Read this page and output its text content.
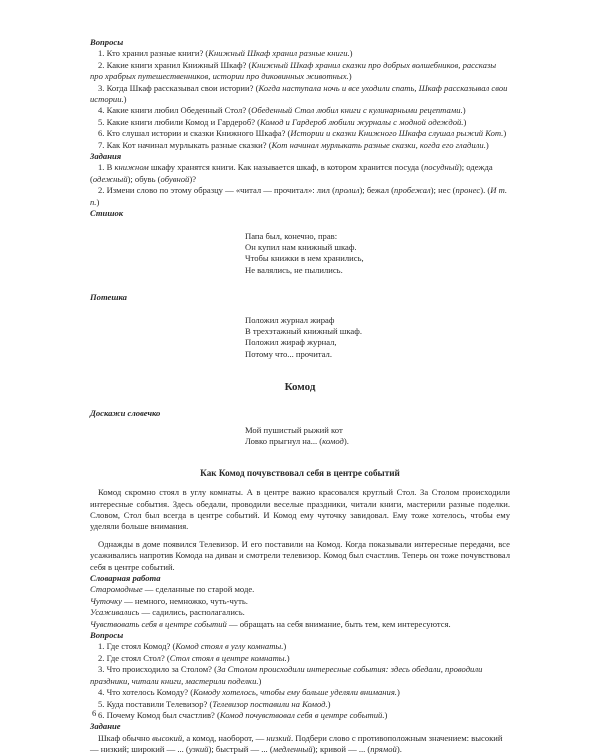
Вопросы
1. Кто хранил разные книги? (Книжный Шкаф хранил разные книги.)
2. Какие книги хранил Книжный Шкаф? (Книжный Шкаф хранил сказки про добрых волшебников, рассказы про храбрых путешественников, истории про диковинных животных.)
3. Когда Шкаф рассказывал свои истории? (Когда наступала ночь и все уходили спать, Шкаф рассказывал свои истории.)
4. Какие книги любил Обеденный Стол? (Обеденный Стол любил книги с кулинарными рецептами.)
5. Какие книги любили Комод и Гардероб? (Комод и Гардероб любили журналы с модной одеждой.)
6. Кто слушал истории и сказки Книжного Шкафа? (Истории и сказки Книжного Шкафа слушал рыжий Кот.)
7. Как Кот начинал мурлыкать разные сказки? (Кот начинал мурлыкать разные сказки, когда его гладили.)
Задания
1. В книжном шкафу хранятся книги. Как называется шкаф, в котором хранится посуда (посудный); одежда (одежный); обувь (обувной)?
2. Измени слово по этому образцу — «читал — прочитал»: лил (пролил); бежал (пробежал); нес (пронес). (И т. п.)
Стишок
Папа был, конечно, прав:
Он купил нам книжный шкаф.
Чтобы книжки в нем хранились,
Не валялись, не пылились.
Потешка
Положил журнал жираф
В трехэтажный книжный шкаф.
Положил жираф журнал,
Потому что... прочитал.
Комод
Доскажи словечко
Мой пушистый рыжий кот
Ловко прыгнул на... (комод).
Как Комод почувствовал себя в центре событий
Комод скромно стоял в углу комнаты. А в центре важно красовался круглый Стол. За Столом происходили интересные события. Здесь обедали, проводили веселые праздники, читали книги, мастерили разные поделки. Словом, Стол был всегда в центре событий. И Комод ему чуточку завидовал. Ему тоже хотелось, чтобы ему уделяли больше внимания.
Однажды в доме появился Телевизор. И его поставили на Комод. Когда показывали интересные передачи, все усаживались напротив Комода на диван и смотрели телевизор. Комод был счастлив. Теперь он тоже почувствовал себя в центре событий.
Словарная работа
Старомодные — сделанные по старой моде.
Чуточку — немного, немножко, чуть-чуть.
Усаживались — садились, располагались.
Чувствовать себя в центре событий — обращать на себя внимание, быть тем, кем интересуются.
Вопросы
1. Где стоял Комод? (Комод стоял в углу комнаты.)
2. Где стоял Стол? (Стол стоял в центре комнаты.)
3. Что происходило за Столом? (За Столом происходили интересные события: здесь обедали, проводили праздники, читали книги, мастерили поделки.)
4. Что хотелось Комоду? (Комоду хотелось, чтобы ему больше уделяли внимания.)
5. Куда поставили Телевизор? (Телевизор поставили на Комод.)
6. Почему Комод был счастлив? (Комод почувствовал себя в центре событий.)
Задание
Шкаф обычно высокий, а комод, наоборот, — низкий. Подбери слово с противоположным значением: высокий — низкий; широкий — ... (узкий); быстрый — ... (медленный); кривой — ... (прямой).
6
